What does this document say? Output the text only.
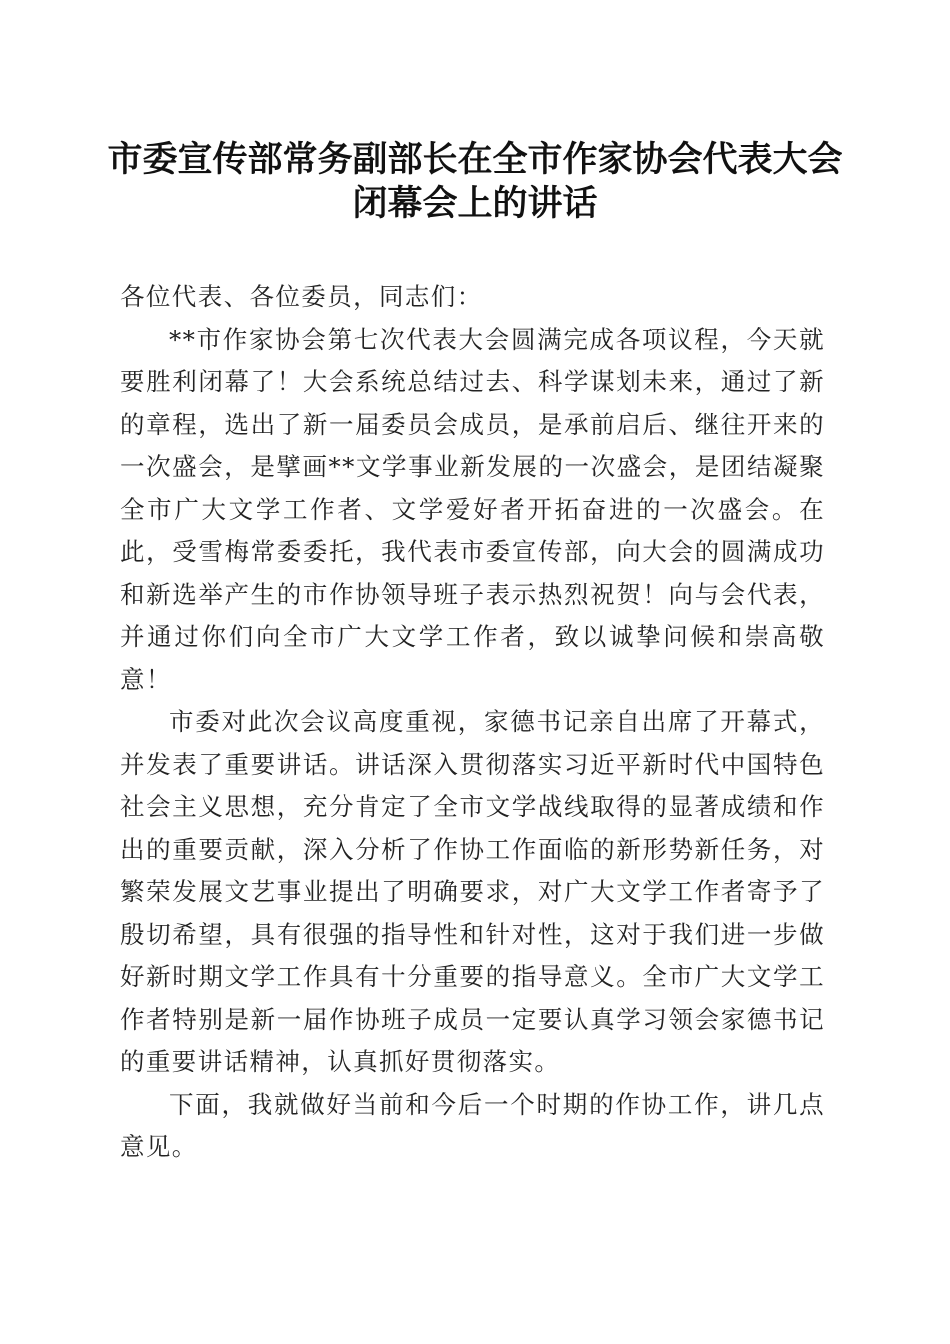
市委宣传部常务副部长在全市作家协会代表大会闭幕会上的讲话

各位代表、各位委员，同志们：

**市作家协会第七次代表大会圆满完成各项议程，今天就要胜利闭幕了！大会系统总结过去、科学谋划未来，通过了新的章程，选出了新一届委员会成员，是承前启后、继往开来的一次盛会，是擘画**文学事业新发展的一次盛会，是团结凝聚全市广大文学工作者、文学爱好者开拓奋进的一次盛会。在此，受雪梅常委委托，我代表市委宣传部，向大会的圆满成功和新选举产生的市作协领导班子表示热烈祝贺！向与会代表，并通过你们向全市广大文学工作者，致以诚挚问候和崇高敬意！

市委对此次会议高度重视，家德书记亲自出席了开幕式，并发表了重要讲话。讲话深入贯彻落实习近平新时代中国特色社会主义思想，充分肯定了全市文学战线取得的显著成绩和作出的重要贡献，深入分析了作协工作面临的新形势新任务，对繁荣发展文艺事业提出了明确要求，对广大文学工作者寄予了殷切希望，具有很强的指导性和针对性，这对于我们进一步做好新时期文学工作具有十分重要的指导意义。全市广大文学工作者特别是新一届作协班子成员一定要认真学习领会家德书记的重要讲话精神，认真抓好贯彻落实。

下面，我就做好当前和今后一个时期的作协工作，讲几点意见。
